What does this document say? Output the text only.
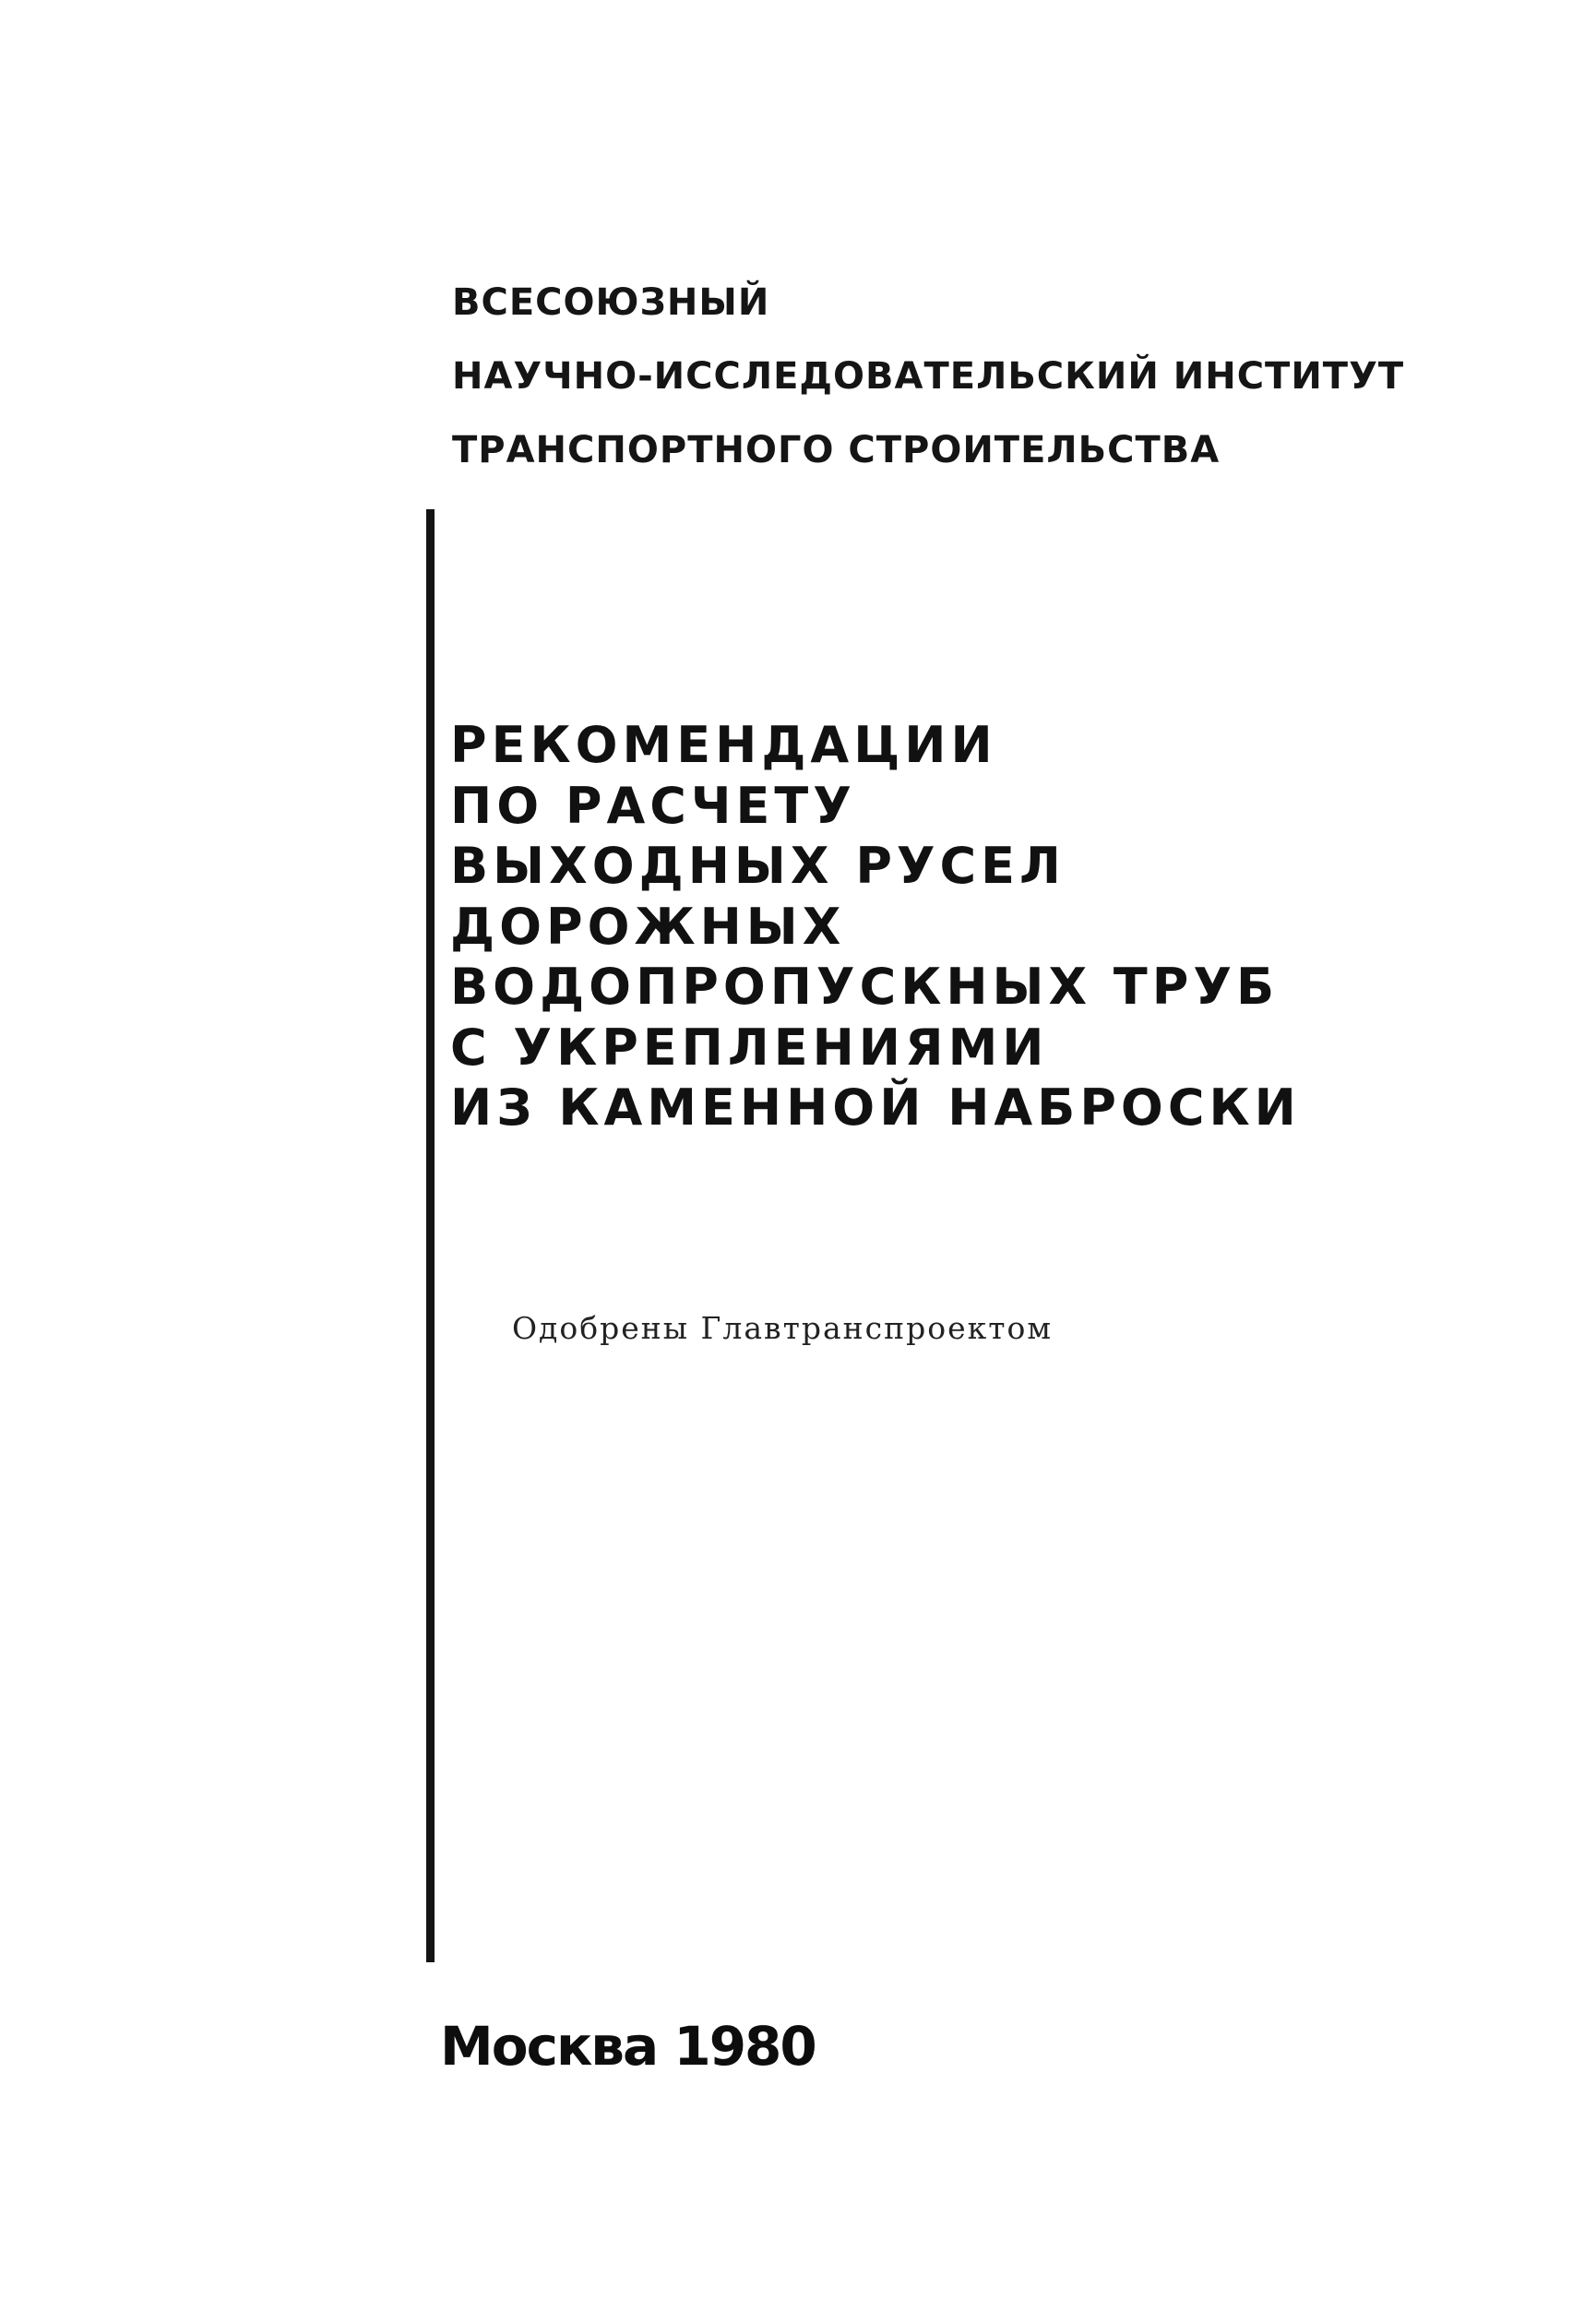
ВСЕСОЮЗНЫЙ
НАУЧНО-ИССЛЕДОВАТЕЛЬСКИЙ ИНСТИТУТ
ТРАНСПОРТНОГО СТРОИТЕЛЬСТВА
РЕКОМЕНДАЦИИ
ПО РАСЧЕТУ
ВЫХОДНЫХ РУСЕЛ
ДОРОЖНЫХ
ВОДОПРОПУСКНЫХ ТРУБ
С УКРЕПЛЕНИЯМИ
ИЗ КАМЕННОЙ НАБРОСКИ
Одобрены Главтранспроектом
Москва 1980
